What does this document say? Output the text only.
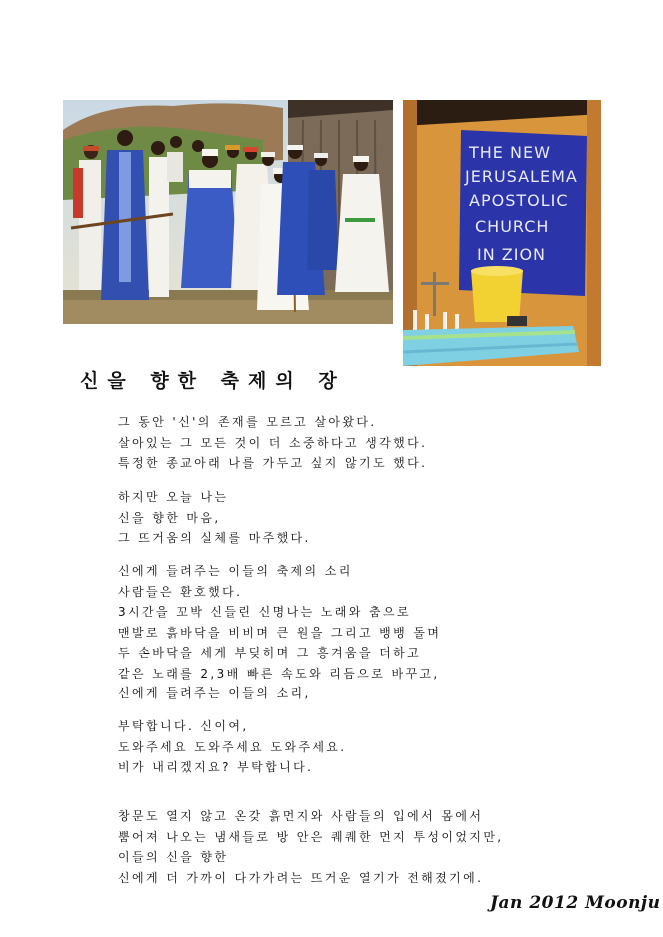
THE NEW
JERUSALEMA
APOSTOLIC
CHURCH
IN ZION
신을 향한 축제의 장
그 동안 '신'의 존재를 모르고 살아왔다.
살아있는 그 모든 것이 더 소중하다고 생각했다.
특정한 종교아래 나를 가두고 싶지 않기도 했다.
하지만 오늘 나는
신을 향한 마음,
그 뜨거움의 실체를 마주했다.
신에게 들려주는 이들의 축제의 소리
사람들은 환호했다.
3시간을 꼬박 신들린 신명나는 노래와 춤으로
맨발로 흙바닥을 비비며 큰 원을 그리고 뱅뱅 돌며
두 손바닥을 세게 부딪히며 그 흥겨움을 더하고
같은 노래를 2,3배 빠른 속도와 리듬으로 바꾸고,
신에게 들려주는 이들의 소리,
부탁합니다. 신이여,
도와주세요 도와주세요 도와주세요.
비가 내리겠지요? 부탁합니다.
창문도 열지 않고 온갖 흙먼지와 사람들의 입에서 몸에서
뿜어져 나오는 냄새들로 방 안은 퀘퀘한 먼지 투성이었지만,
이들의 신을 향한
신에게 더 가까이 다가가려는 뜨거운 열기가 전해졌기에.
Jan 2012 Moonju
